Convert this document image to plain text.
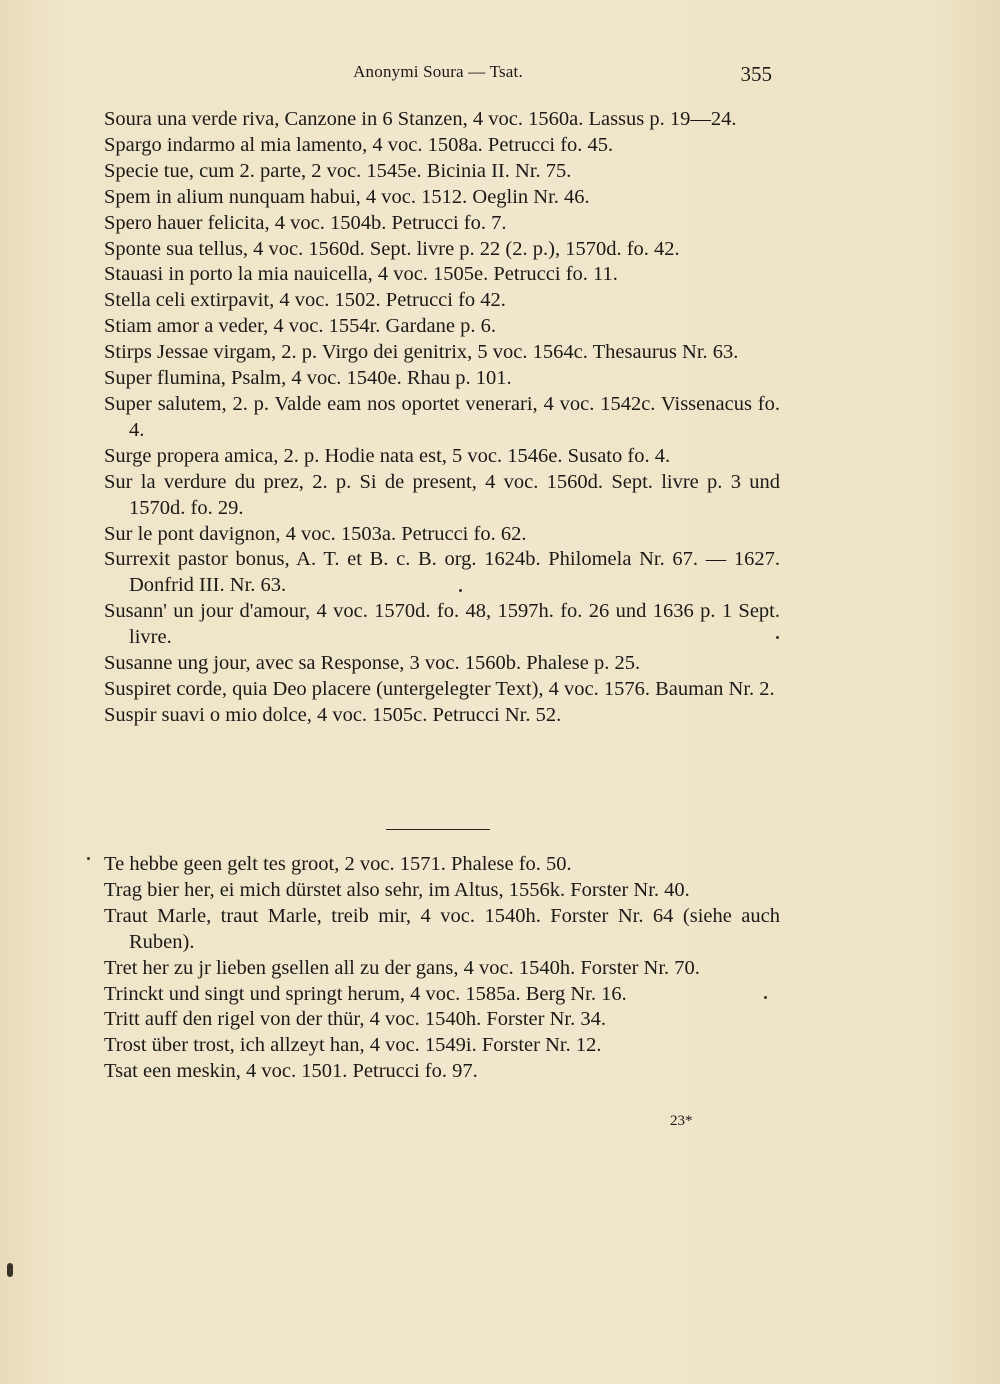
Anonymi Soura — Tsat.	355
Soura una verde riva, Canzone in 6 Stanzen, 4 voc. 1560a. Lassus p. 19—24.
Spargo indarmo al mia lamento, 4 voc. 1508a. Petrucci fo. 45.
Specie tue, cum 2. parte, 2 voc. 1545e. Bicinia II. Nr. 75.
Spem in alium nunquam habui, 4 voc. 1512. Oeglin Nr. 46.
Spero hauer felicita, 4 voc. 1504b. Petrucci fo. 7.
Sponte sua tellus, 4 voc. 1560d. Sept. livre p. 22 (2. p.), 1570d. fo. 42.
Stauasi in porto la mia nauicella, 4 voc. 1505e. Petrucci fo. 11.
Stella celi extirpavit, 4 voc. 1502. Petrucci fo 42.
Stiam amor a veder, 4 voc. 1554r. Gardane p. 6.
Stirps Jessae virgam, 2. p. Virgo dei genitrix, 5 voc. 1564c. Thesaurus Nr. 63.
Super flumina, Psalm, 4 voc. 1540e. Rhau p. 101.
Super salutem, 2. p. Valde eam nos oportet venerari, 4 voc. 1542c. Vissenacus fo. 4.
Surge propera amica, 2. p. Hodie nata est, 5 voc. 1546e. Susato fo. 4.
Sur la verdure du prez, 2. p. Si de present, 4 voc. 1560d. Sept. livre p. 3 und 1570d. fo. 29.
Sur le pont davignon, 4 voc. 1503a. Petrucci fo. 62.
Surrexit pastor bonus, A. T. et B. c. B. org. 1624b. Philomela Nr. 67. — 1627. Donfrid III. Nr. 63.
Susann' un jour d'amour, 4 voc. 1570d. fo. 48, 1597h. fo. 26 und 1636 p. 1 Sept. livre.
Susanne ung jour, avec sa Response, 3 voc. 1560b. Phalese p. 25.
Suspiret corde, quia Deo placere (untergelegter Text), 4 voc. 1576. Bauman Nr. 2.
Suspir suavi o mio dolce, 4 voc. 1505c. Petrucci Nr. 52.
Te hebbe geen gelt tes groot, 2 voc. 1571. Phalese fo. 50.
Trag bier her, ei mich dürstet also sehr, im Altus, 1556k. Forster Nr. 40.
Traut Marle, traut Marle, treib mir, 4 voc. 1540h. Forster Nr. 64 (siehe auch Ruben).
Tret her zu jr lieben gsellen all zu der gans, 4 voc. 1540h. Forster Nr. 70.
Trinckt und singt und springt herum, 4 voc. 1585a. Berg Nr. 16.
Tritt auff den rigel von der thür, 4 voc. 1540h. Forster Nr. 34.
Trost über trost, ich allzeyt han, 4 voc. 1549i. Forster Nr. 12.
Tsat een meskin, 4 voc. 1501. Petrucci fo. 97.
23*
